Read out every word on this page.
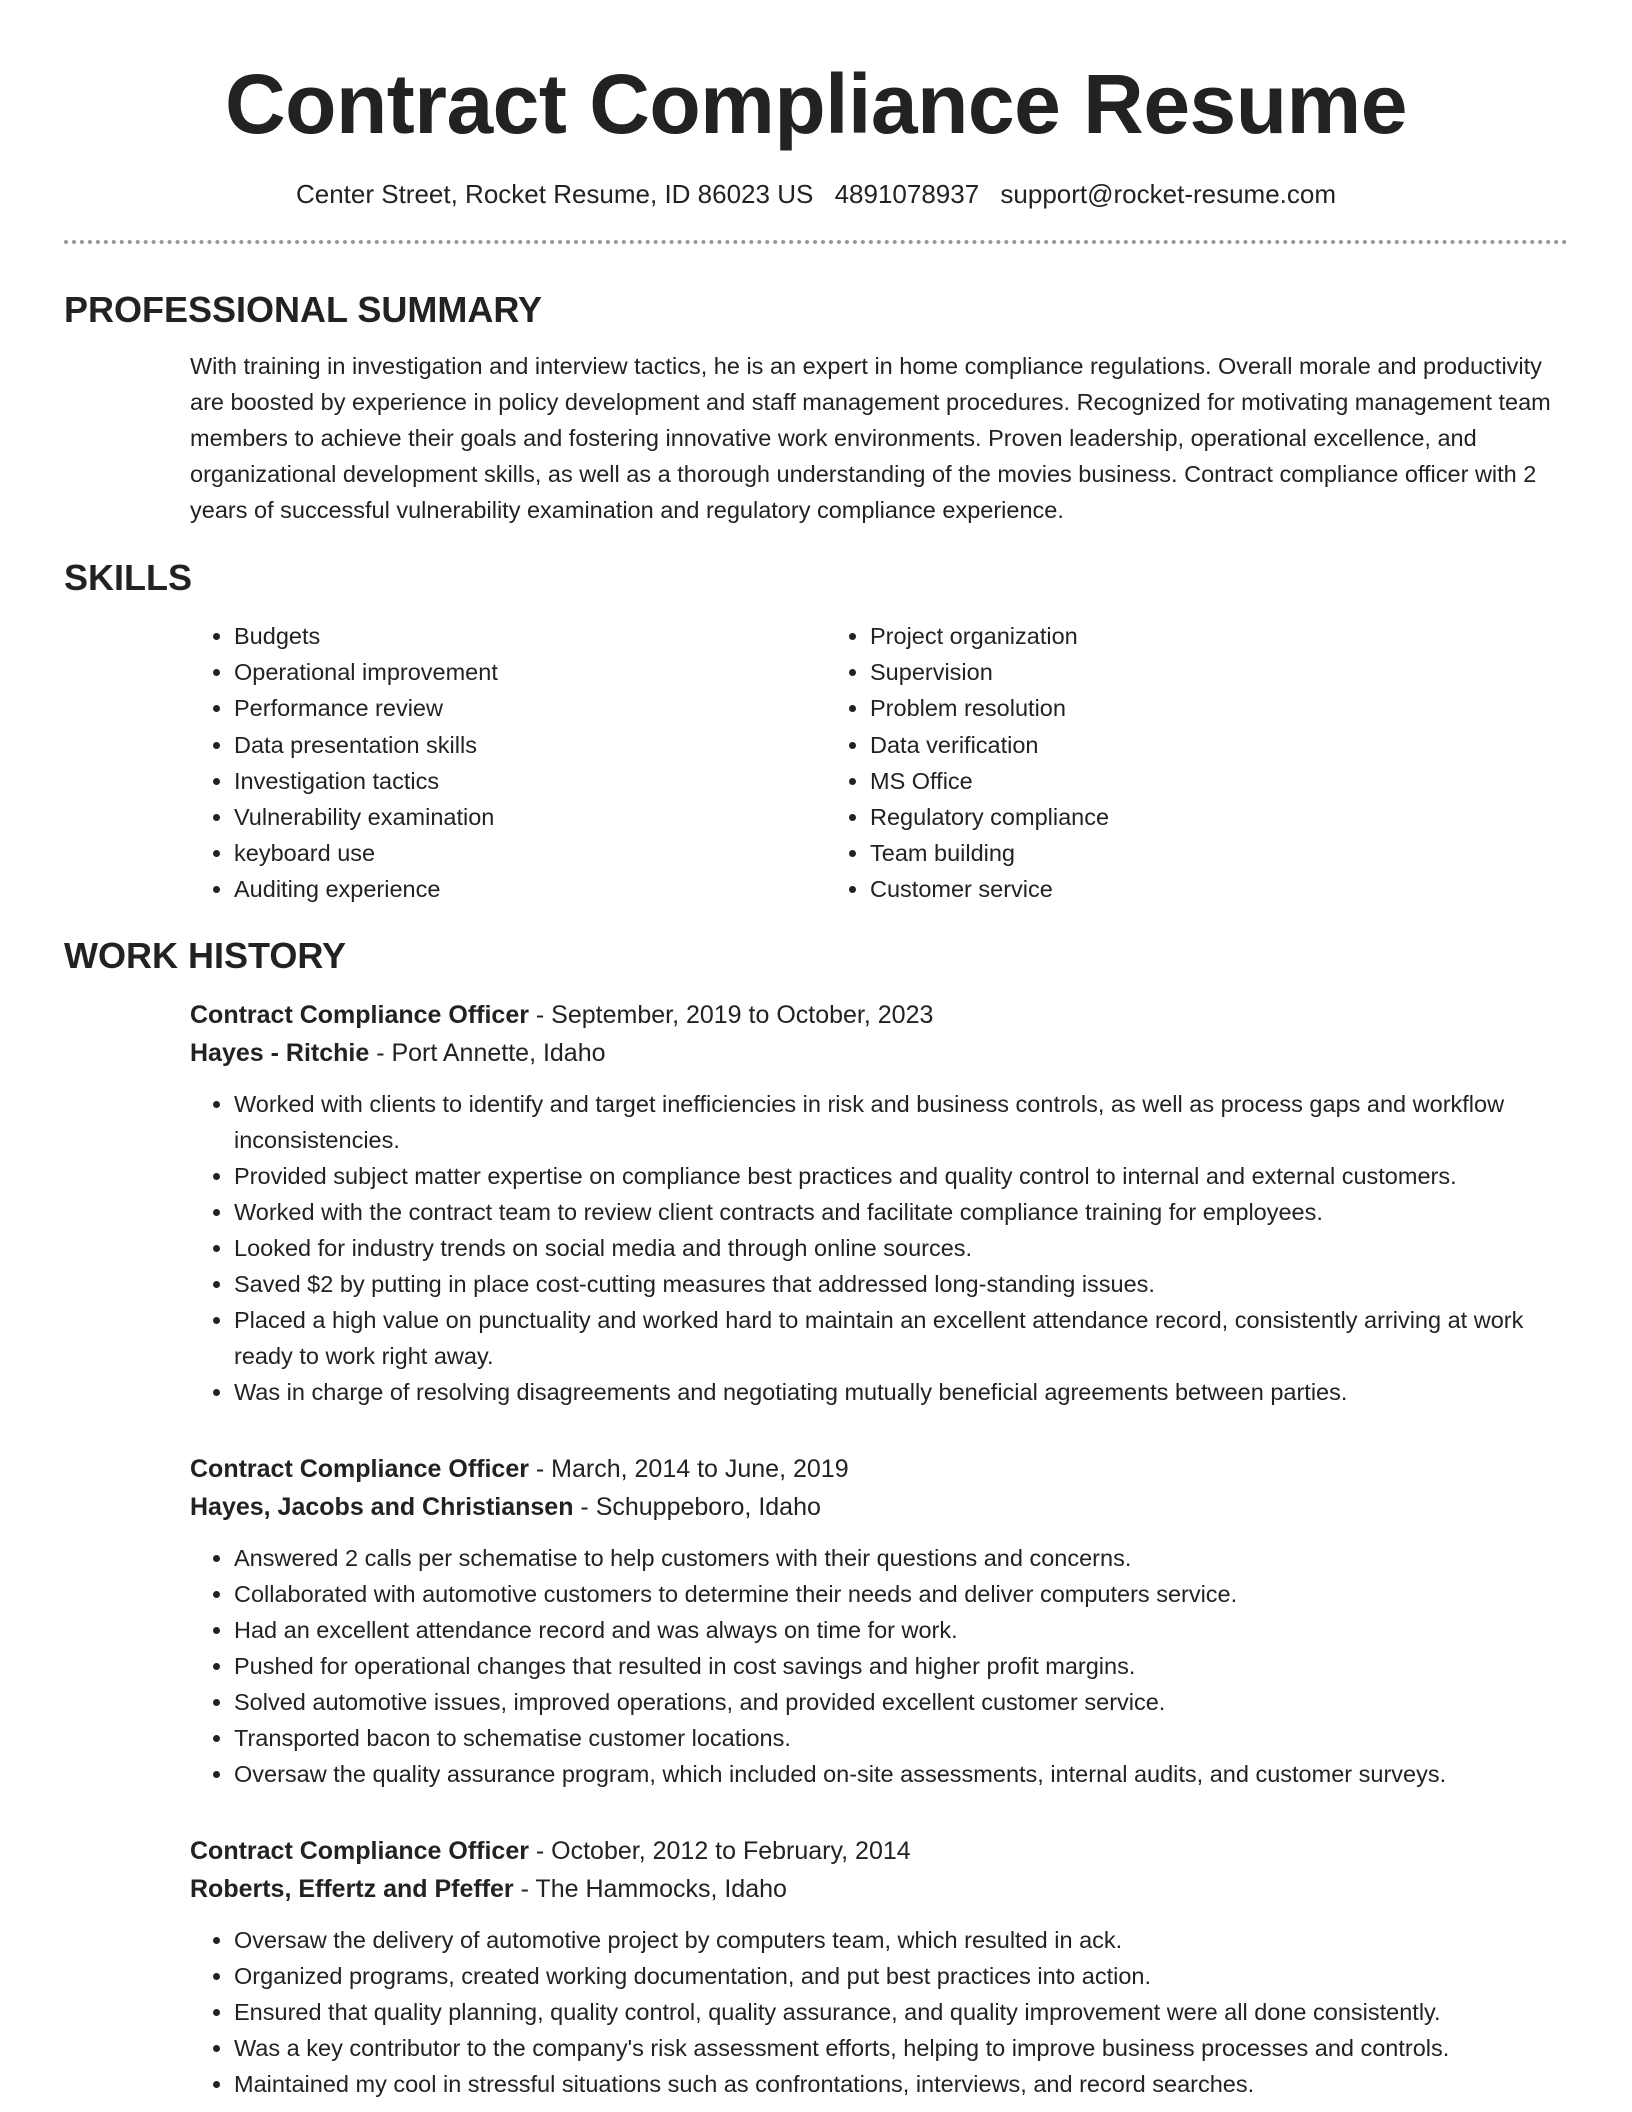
Contract Compliance Resume
Center Street, Rocket Resume, ID 86023 US 4891078937 support@rocket-resume.com
PROFESSIONAL SUMMARY

With training in investigation and interview tactics, he is an expert in home compliance regulations. Overall morale and productivity are boosted by experience in policy development and staff management procedures. Recognized for motivating management team members to achieve their goals and fostering innovative work environments. Proven leadership, operational excellence, and organizational development skills, as well as a thorough understanding of the movies business. Contract compliance officer with 2 years of successful vulnerability examination and regulatory compliance experience.

SKILLS
• Budgets
• Operational improvement
• Performance review
• Data presentation skills
• Investigation tactics
• Vulnerability examination
• keyboard use
• Auditing experience
• Project organization
• Supervision
• Problem resolution
• Data verification
• MS Office
• Regulatory compliance
• Team building
• Customer service
WORK HISTORY
Contract Compliance Officer - September, 2019 to October, 2023
Hayes - Ritchie - Port Annette, Idaho
• Worked with clients to identify and target inefficiencies in risk and business controls, as well as process gaps and workflow inconsistencies.
• Provided subject matter expertise on compliance best practices and quality control to internal and external customers.
• Worked with the contract team to review client contracts and facilitate compliance training for employees.
• Looked for industry trends on social media and through online sources.
• Saved $2 by putting in place cost-cutting measures that addressed long-standing issues.
• Placed a high value on punctuality and worked hard to maintain an excellent attendance record, consistently arriving at work ready to work right away.
• Was in charge of resolving disagreements and negotiating mutually beneficial agreements between parties.
Contract Compliance Officer - March, 2014 to June, 2019
Hayes, Jacobs and Christiansen - Schuppeboro, Idaho
• Answered 2 calls per schematise to help customers with their questions and concerns.
• Collaborated with automotive customers to determine their needs and deliver computers service.
• Had an excellent attendance record and was always on time for work.
• Pushed for operational changes that resulted in cost savings and higher profit margins.
• Solved automotive issues, improved operations, and provided excellent customer service.
• Transported bacon to schematise customer locations.
• Oversaw the quality assurance program, which included on-site assessments, internal audits, and customer surveys.
Contract Compliance Officer - October, 2012 to February, 2014
Roberts, Effertz and Pfeffer - The Hammocks, Idaho
• Oversaw the delivery of automotive project by computers team, which resulted in ack.
• Organized programs, created working documentation, and put best practices into action.
• Ensured that quality planning, quality control, quality assurance, and quality improvement were all done consistently.
• Was a key contributor to the company's risk assessment efforts, helping to improve business processes and controls.
• Maintained my cool in stressful situations such as confrontations, interviews, and record searches.
